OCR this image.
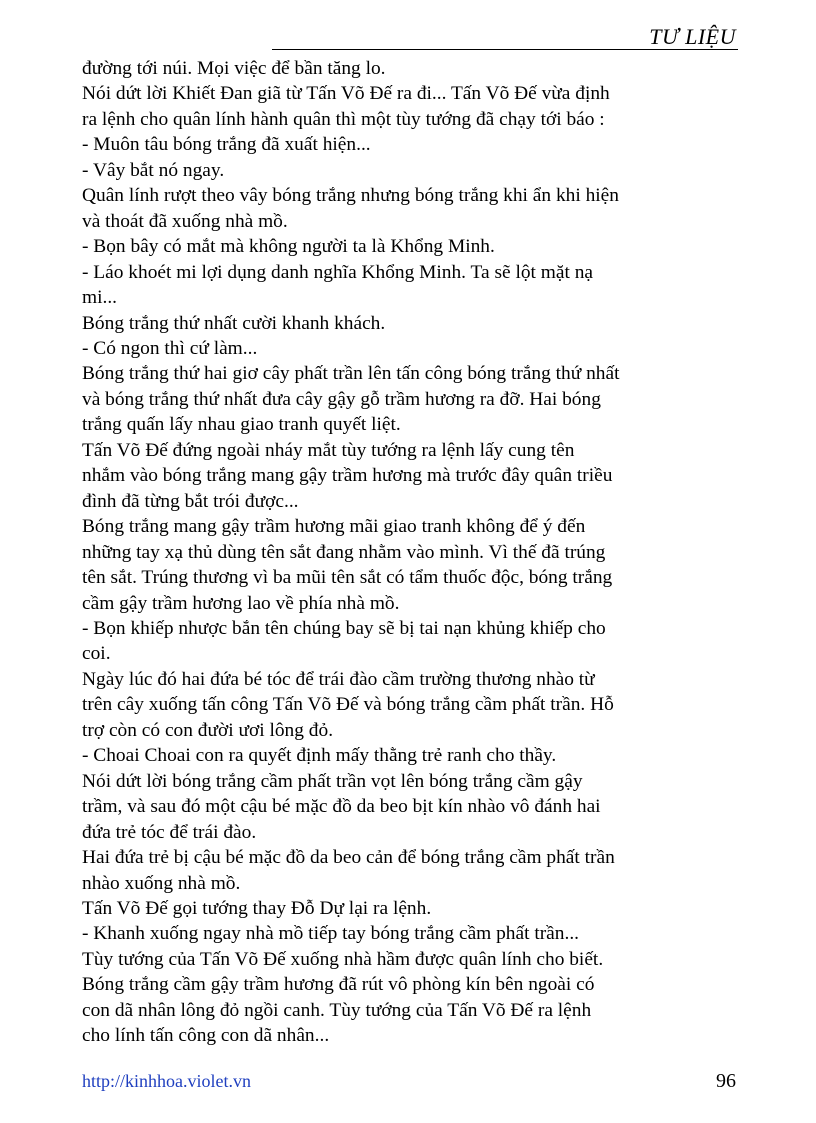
TƯ LIỆU

đường tới núi. Mọi việc để bần tăng lo.

Nói dứt lời Khiết Đan giã từ Tấn Võ Đế ra đi... Tấn Võ Đế vừa định

ra lệnh cho quân lính hành quân thì một tùy tướng đã chạy tới báo :

- Muôn tâu bóng trắng đã xuất hiện...

- Vây bắt nó ngay.

Quân lính rượt theo vây bóng trắng nhưng bóng trắng khi ẩn khi hiện

và thoát đã xuống nhà mồ.

- Bọn bây có mắt mà không người ta là Khổng Minh.

- Láo khoét mi lợi dụng danh nghĩa Khổng Minh. Ta sẽ lột mặt nạ

mi...

Bóng trắng thứ nhất cười khanh khách.

- Có ngon thì cứ làm...

Bóng trắng thứ hai giơ cây phất trần lên tấn công bóng trắng thứ nhất

và bóng trắng thứ nhất đưa cây gậy gỗ trầm hương ra đỡ. Hai bóng

trắng quấn lấy nhau giao tranh quyết liệt.

Tấn Võ Đế đứng ngoài nháy mắt tùy tướng ra lệnh lấy cung tên

nhắm vào bóng trắng mang gậy trầm hương mà trước đây quân triều

đình đã từng bắt trói được...

Bóng trắng mang gậy trầm hương mãi giao tranh không để ý đến

những tay xạ thủ dùng tên sắt đang nhằm vào mình. Vì thế đã trúng

tên sắt. Trúng thương vì ba mũi tên sắt có tẩm thuốc độc, bóng trắng

cầm gậy trầm hương lao về phía nhà mồ.

- Bọn khiếp nhược bắn tên chúng bay sẽ bị tai nạn khủng khiếp cho

coi.

Ngày lúc đó hai đứa bé tóc để trái đào cầm trường thương nhào từ

trên cây xuống tấn công Tấn Võ Đế và bóng trắng cầm phất trần. Hỗ

trợ còn có con đười ươi lông đỏ.

- Choai Choai con ra quyết định mấy thằng trẻ ranh cho thầy.

Nói dứt lời bóng trắng cầm phất trần vọt lên bóng trắng cầm gậy

trầm, và sau đó một cậu bé mặc đồ da beo bịt kín nhào vô đánh hai

đứa trẻ tóc để trái đào.

Hai đứa trẻ bị cậu bé mặc đồ da beo cản để bóng trắng cầm phất trần

nhào xuống nhà mồ.

Tấn Võ Đế gọi tướng thay Đỗ Dự lại ra lệnh.

- Khanh xuống ngay nhà mồ tiếp tay bóng trắng cầm phất trần...

Tùy tướng của Tấn Võ Đế xuống nhà hầm được quân lính cho biết.

Bóng trắng cầm gậy trầm hương đã rút vô phòng kín bên ngoài có

con dã nhân lông đỏ ngồi canh. Tùy tướng của Tấn Võ Đế ra lệnh

cho lính tấn công con dã nhân...

http://kinhhoa.violet.vn	96
